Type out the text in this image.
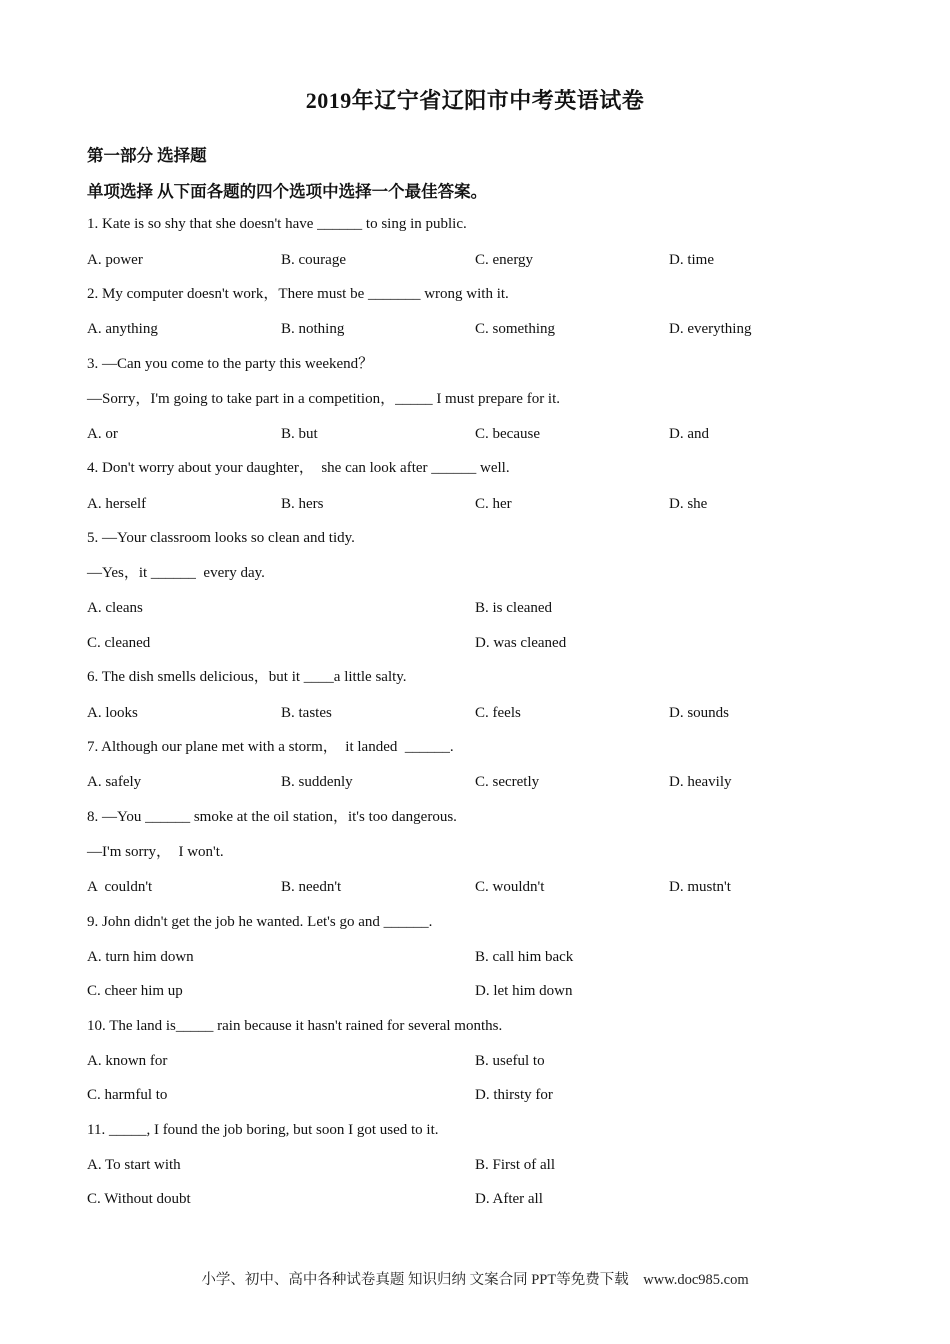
2019年辽宁省辽阳市中考英语试卷
第一部分 选择题
单项选择 从下面各题的四个选项中选择一个最佳答案。
1. Kate is so shy that she doesn't have ______ to sing in public.
A. power	B. courage	C. energy	D. time
2. My computer doesn't work，There must be _______ wrong with it.
A. anything	B. nothing	C. something	D. everything
3. —Can you come to the party this weekend？
—Sorry，I'm going to take part in a competition，_____ I must prepare for it.
A. or	B. but	C. because	D. and
4. Don't worry about your daughter，  she can look after ______ well.
A. herself	B. hers	C. her	D. she
5. —Your classroom looks so clean and tidy.
—Yes，it ______  every day.
A. cleans	B. is cleaned
C. cleaned	D. was cleaned
6. The dish smells delicious，but it ____a little salty.
A. looks	B. tastes	C. feels	D. sounds
7. Although our plane met with a storm，  it landed  ______.
A. safely	B. suddenly	C. secretly	D. heavily
8. —You ______ smoke at the oil station，it's too dangerous.
—I'm sorry，  I won't.
A  couldn't	B. needn't	C. wouldn't	D. mustn't
9. John didn't get the job he wanted. Let's go and ______.
A. turn him down	B. call him back
C. cheer him up	D. let him down
10. The land is_____ rain because it hasn't rained for several months.
A. known for	B. useful to
C. harmful to	D. thirsty for
11. _____, I found the job boring, but soon I got used to it.
A. To start with	B. First of all
C. Without doubt	D. After all
小学、初中、高中各种试卷真题 知识归纳 文案合同 PPT等免费下载    www.doc985.com
